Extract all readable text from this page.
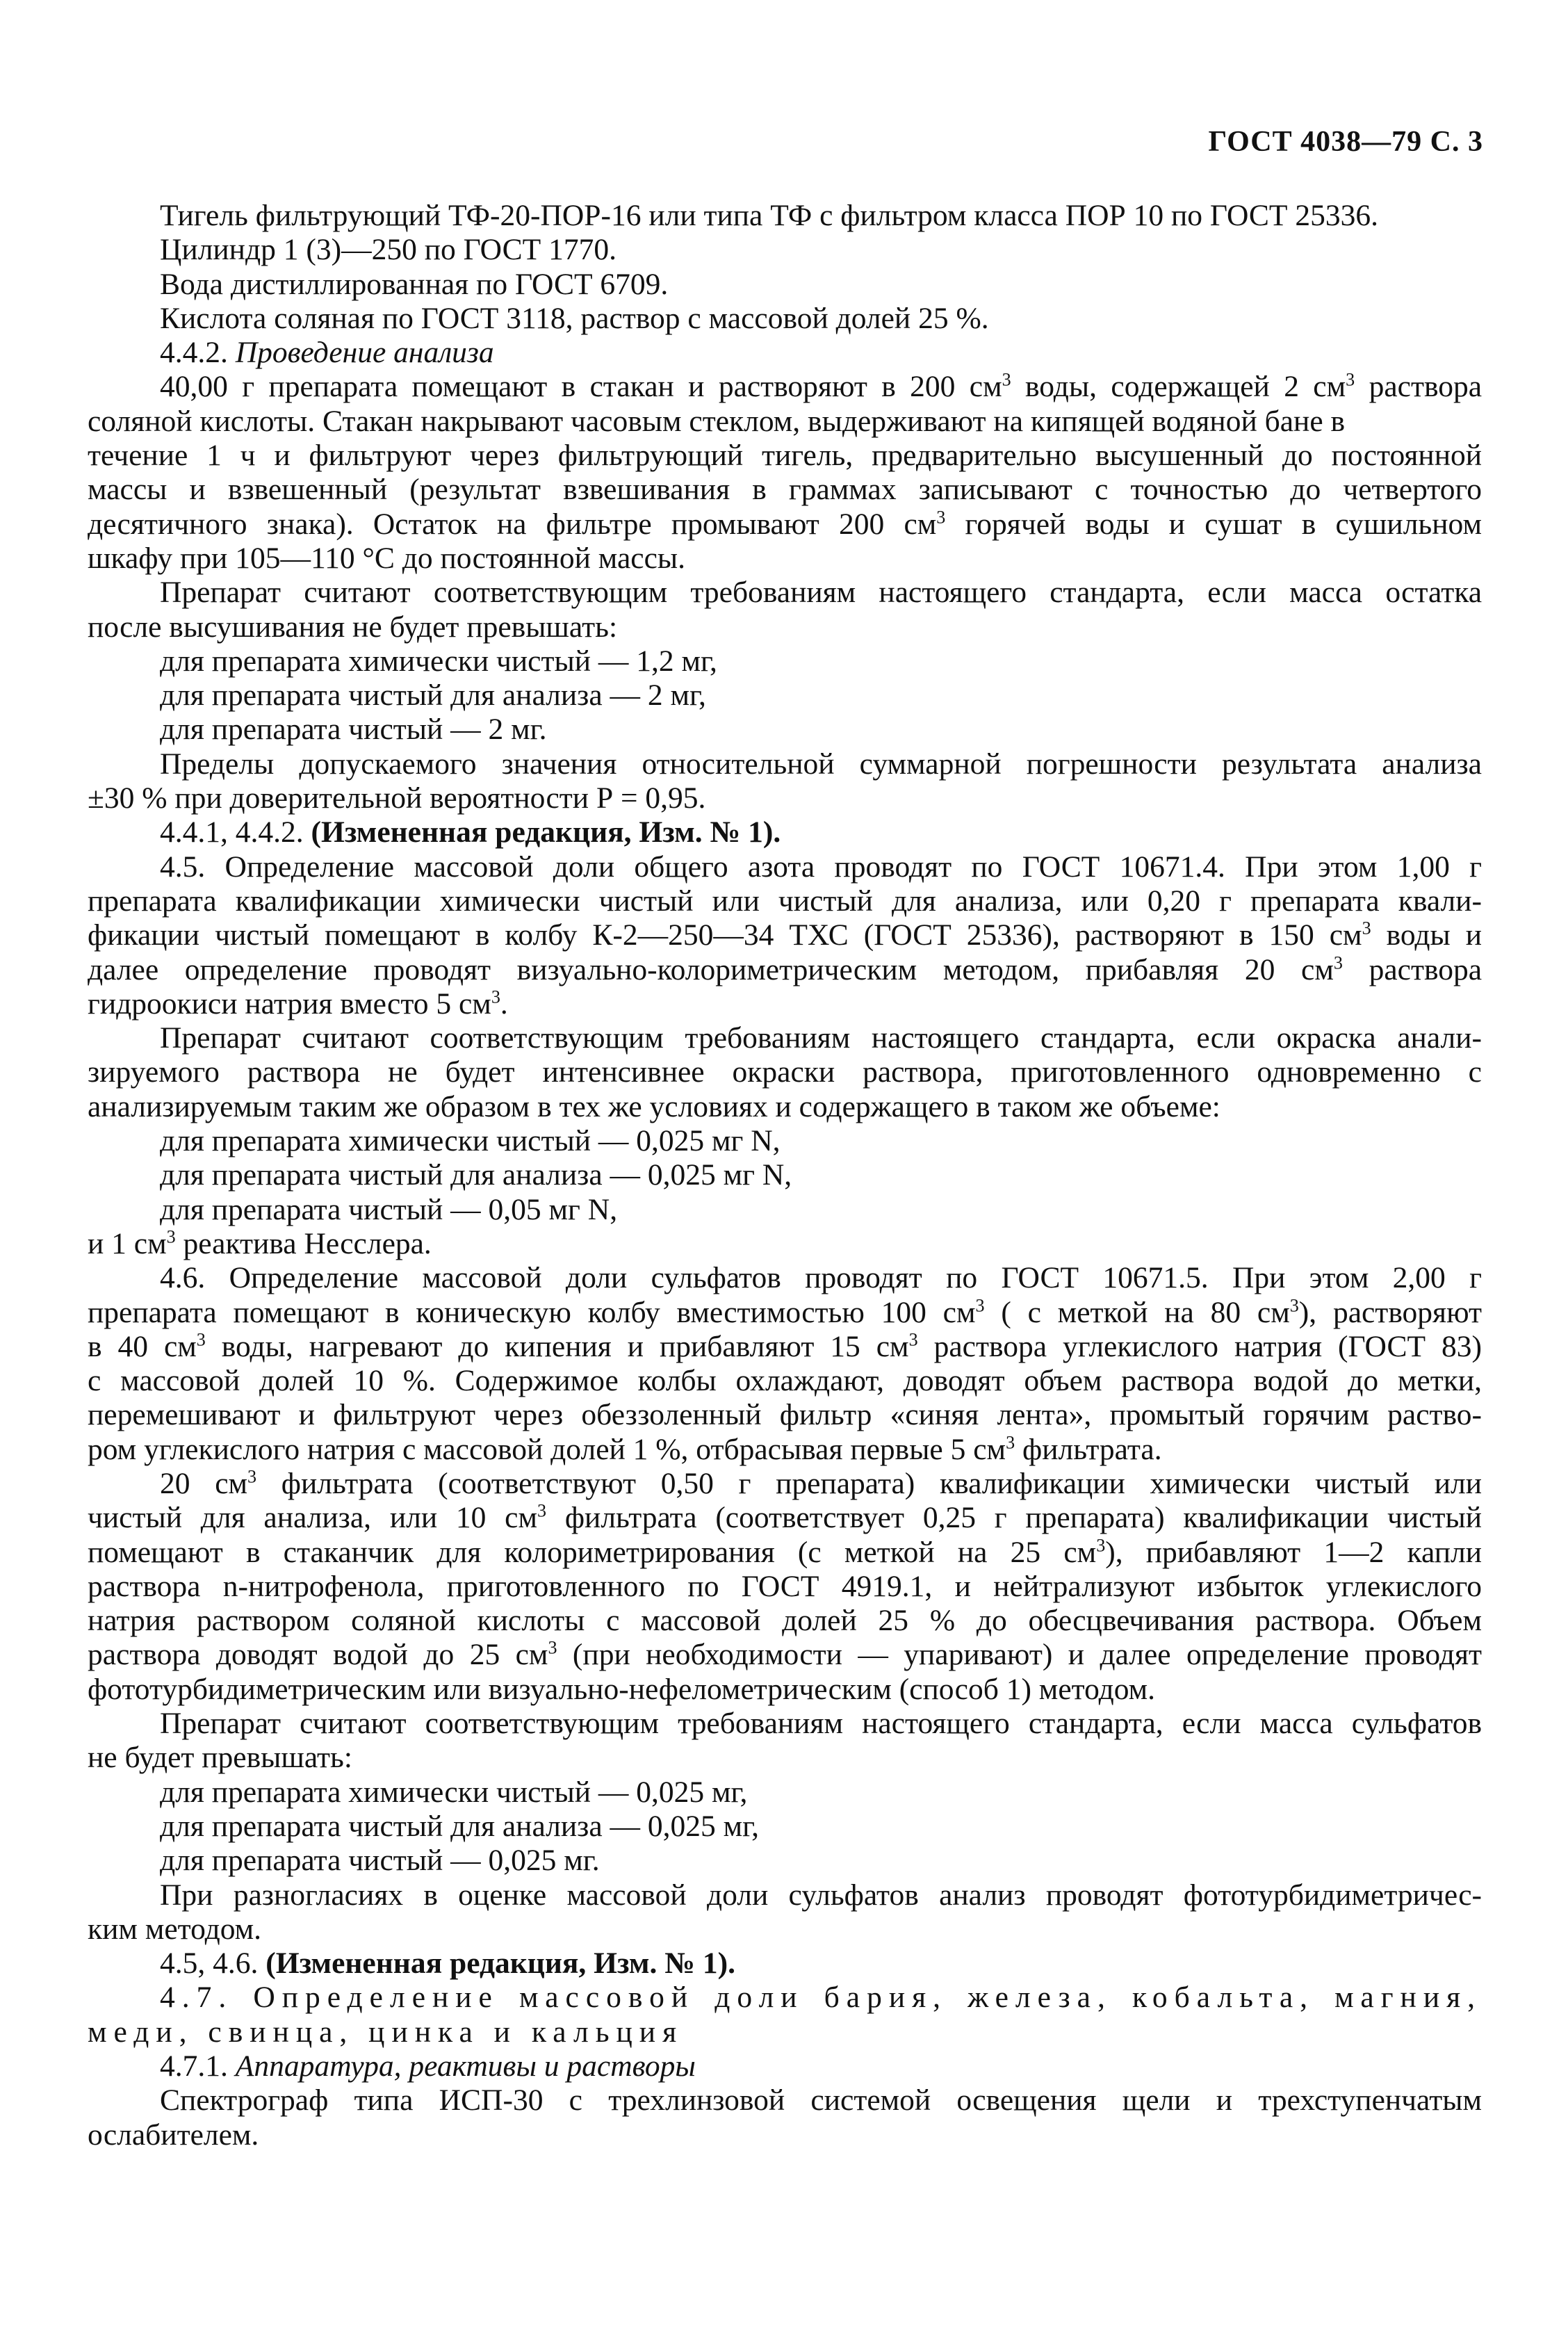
ГОСТ 4038—79 С. 3
Тигель фильтрующий ТФ-20-ПОР-16 или типа ТФ с фильтром класса ПОР 10 по ГОСТ 25336.
Цилиндр 1 (3)—250 по ГОСТ 1770.
Вода дистиллированная по ГОСТ 6709.
Кислота соляная по ГОСТ 3118, раствор с массовой долей 25 %.
4.4.2. Проведение анализа
40,00 г препарата помещают в стакан и растворяют в 200 $см^3$ воды, содержащей 2 $см^3$ раствора
соляной кислоты. Стакан накрывают часовым стеклом, выдерживают на кипящей водяной бане в
течение 1 ч и фильтруют через фильтрующий тигель, предварительно высушенный до постоянной
массы и взвешенный (результат взвешивания в граммах записывают с точностью до четвертого
десятичного знака). Остаток на фильтре промывают 200 $см^3$ горячей воды и сушат в сушильном
шкафу при 105—110 °С до постоянной массы.
Препарат считают соответствующим требованиям настоящего стандарта, если масса остатка
после высушивания не будет превышать:
для препарата химически чистый — 1,2 мг,
для препарата чистый для анализа — 2 мг,
для препарата чистый — 2 мг.
Пределы допускаемого значения относительной суммарной погрешности результата анализа
±30 % при доверительной вероятности Р = 0,95.
4.4.1, 4.4.2. (Измененная редакция, Изм. № 1).
4.5. Определение массовой доли общего азота проводят по ГОСТ 10671.4. При этом 1,00 г
препарата квалификации химически чистый или чистый для анализа, или 0,20 г препарата квали-
фикации чистый помещают в колбу К-2—250—34 ТХС (ГОСТ 25336), растворяют в 150 $см^3$ воды и
далее определение проводят визуально-колориметрическим методом, прибавляя 20 $см^3$ раствора
гидроокиси натрия вместо 5 $см^3$.
Препарат считают соответствующим требованиям настоящего стандарта, если окраска анали-
зируемого раствора не будет интенсивнее окраски раствора, приготовленного одновременно с
анализируемым таким же образом в тех же условиях и содержащего в таком же объеме:
для препарата химически чистый — 0,025 мг N,
для препарата чистый для анализа — 0,025 мг N,
для препарата чистый — 0,05 мг N,
и 1 $см^3$ реактива Несслера.
4.6. Определение массовой доли сульфатов проводят по ГОСТ 10671.5. При этом 2,00 г
препарата помещают в коническую колбу вместимостью 100 $см^3$ ( с меткой на 80 $см^3$), растворяют
в 40 $см^3$ воды, нагревают до кипения и прибавляют 15 $см^3$ раствора углекислого натрия (ГОСТ 83)
с массовой долей 10 %. Содержимое колбы охлаждают, доводят объем раствора водой до метки,
перемешивают и фильтруют через обеззоленный фильтр «синяя лента», промытый горячим раство-
ром углекислого натрия с массовой долей 1 %, отбрасывая первые 5 $см^3$ фильтрата.
20 $см^3$ фильтрата (соответствуют 0,50 г препарата) квалификации химически чистый или
чистый для анализа, или 10 $см^3$ фильтрата (соответствует 0,25 г препарата) квалификации чистый
помещают в стаканчик для колориметрирования (с меткой на 25 $см^3$), прибавляют 1—2 капли
раствора n-нитрофенола, приготовленного по ГОСТ 4919.1, и нейтрализуют избыток углекислого
натрия раствором соляной кислоты с массовой долей 25 % до обесцвечивания раствора. Объем
раствора доводят водой до 25 $см^3$ (при необходимости — упаривают) и далее определение проводят
фототурбидиметрическим или визуально-нефелометрическим (способ 1) методом.
Препарат считают соответствующим требованиям настоящего стандарта, если масса сульфатов
не будет превышать:
для препарата химически чистый — 0,025 мг,
для препарата чистый для анализа — 0,025 мг,
для препарата чистый — 0,025 мг.
При разногласиях в оценке массовой доли сульфатов анализ проводят фототурбидиметричес-
ким методом.
4.5, 4.6. (Измененная редакция, Изм. № 1).
4.7. Определение массовой доли бария, железа, кобальта, магния,
меди, свинца, цинка и кальция
4.7.1. Аппаратура, реактивы и растворы
Спектрограф типа ИСП-30 с трехлинзовой системой освещения щели и трехступенчатым
ослабителем.
